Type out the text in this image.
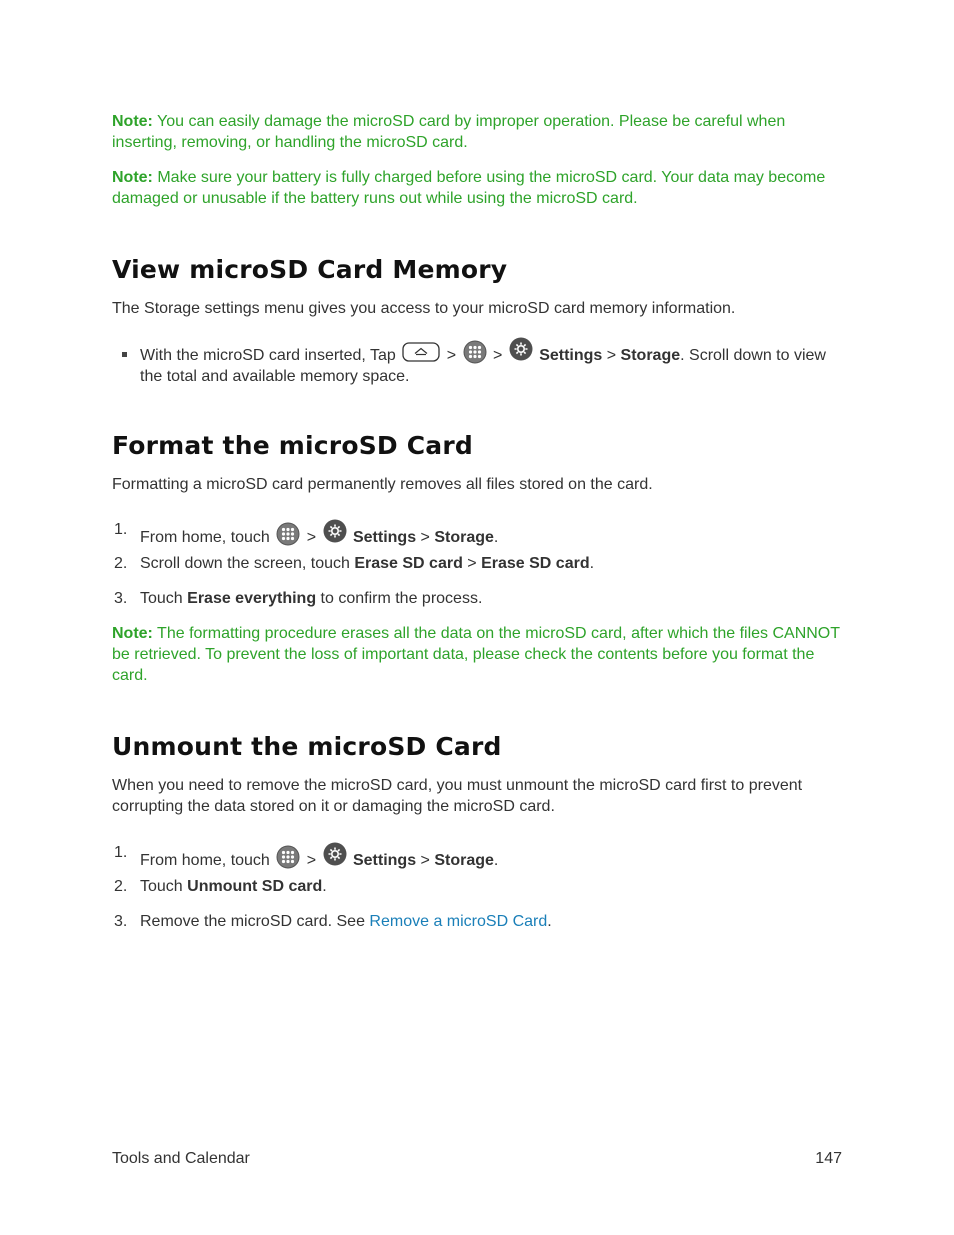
Note: You can easily damage the microSD card by improper operation. Please be careful when inserting, removing, or handling the microSD card.
Note: Make sure your battery is fully charged before using the microSD card. Your data may become damaged or unusable if the battery runs out while using the microSD card.
View microSD Card Memory

The Storage settings menu gives you access to your microSD card memory information.

With the microSD card inserted, Tap	>  >  Settings > Storage. Scroll down to view the total and available memory space.
Format the microSD Card

Formatting a microSD card permanently removes all files stored on the card.

1. From home, touch  >  Settings > Storage.
2. Scroll down the screen, touch Erase SD card > Erase SD card.
3. Touch Erase everything to confirm the process.
Note: The formatting procedure erases all the data on the microSD card, after which the files CANNOT be retrieved. To prevent the loss of important data, please check the contents before you format the card.
Unmount the microSD Card

When you need to remove the microSD card, you must unmount the microSD card first to prevent corrupting the data stored on it or damaging the microSD card.

1. From home, touch  >  Settings > Storage.
2. Touch Unmount SD card.
3. Remove the microSD card. See Remove a microSD Card.
Tools and Calendar	147
